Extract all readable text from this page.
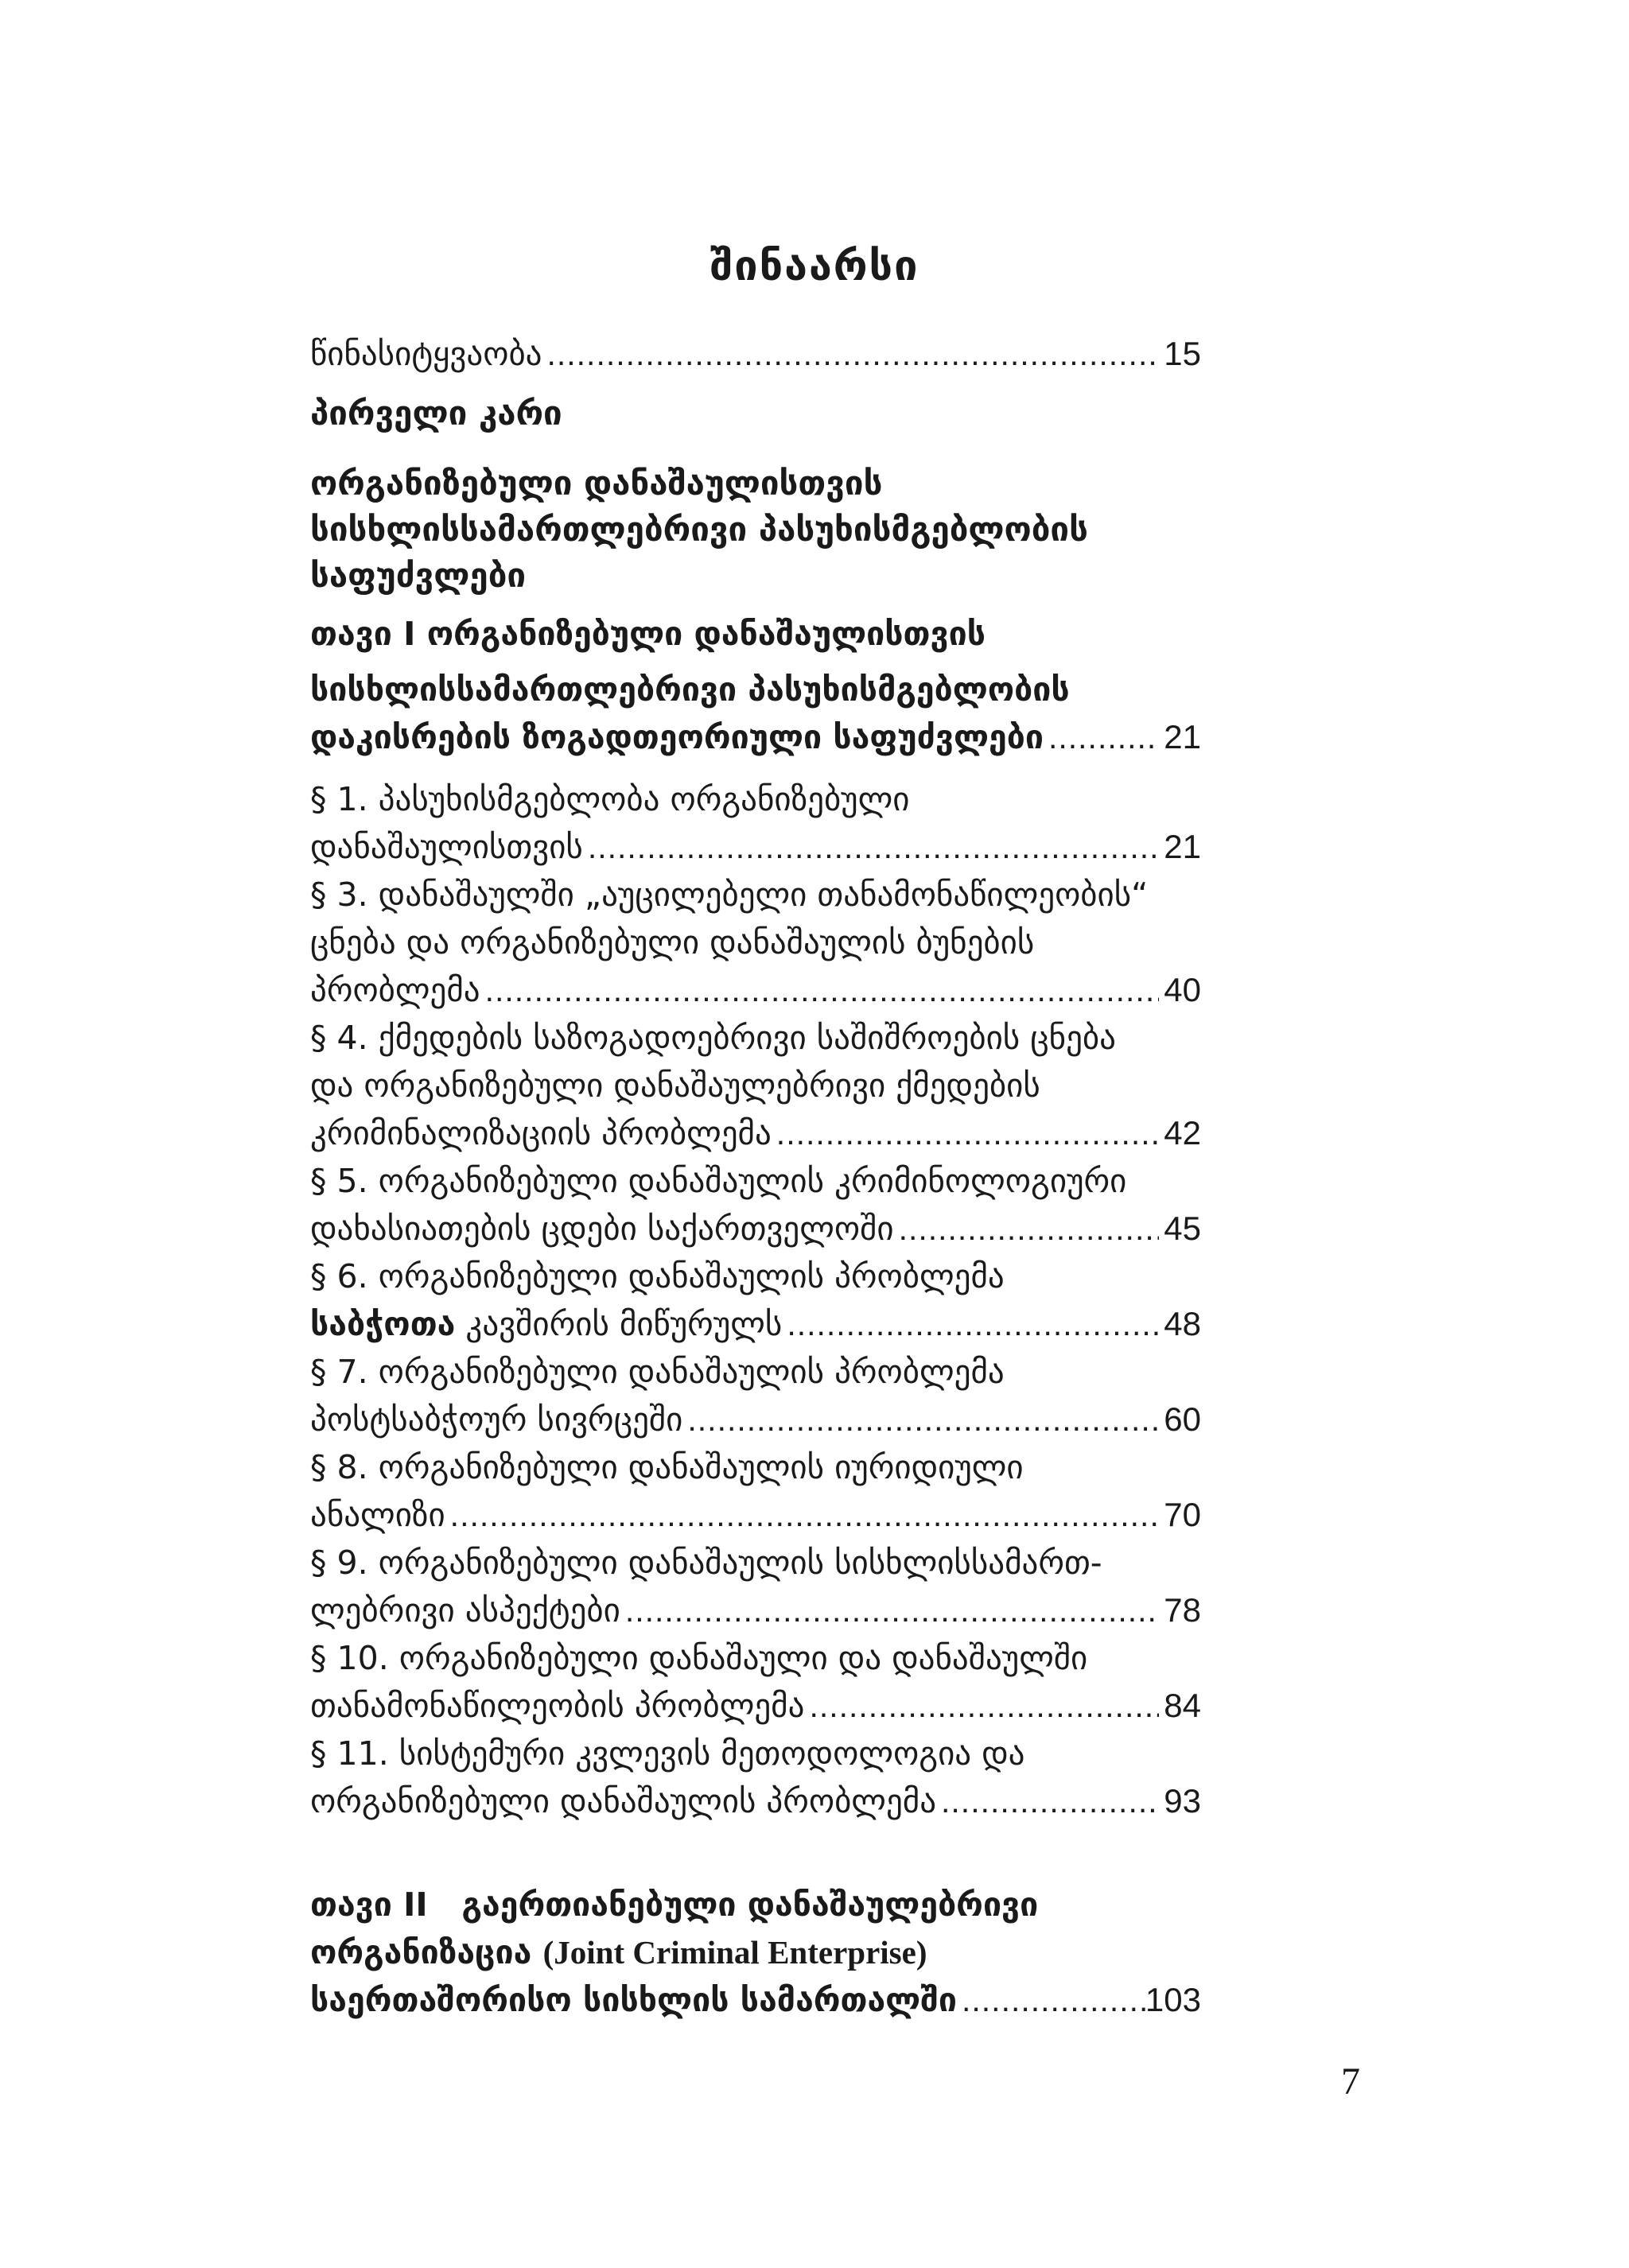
შინაარსი
წინასიტყვაობა .....	15

პირველი კარი

ორგანიზებული დანაშაულისთვის

სისხლისსამართლებრივი პასუხისმგებლობის

საფუძვლები

თავი I ორგანიზებული დანაშაულისთვის
სისხლისსამართლებრივი პასუხისმგებლობის
დაკისრების ზოგადთეორიული საფუძვლები .....	21
§ 1. პასუხისმგებლობა ორგანიზებული
დანაშაულისთვის .....	21
§ 3. დანაშაულში „აუცილებელი თანამონაწილეობის“
ცნება და ორგანიზებული დანაშაულის ბუნების
პრობლემა .....	40
§ 4. ქმედების საზოგადოებრივი საშიშროების ცნება
და ორგანიზებული დანაშაულებრივი ქმედების
კრიმინალიზაციის პრობლემა .....	42
§ 5. ორგანიზებული დანაშაულის კრიმინოლოგიური
დახასიათების ცდები საქართველოში .....	45
§ 6. ორგანიზებული დანაშაულის პრობლემა
საბჭოთა კავშირის მიწურულს .....	48
§ 7. ორგანიზებული დანაშაულის პრობლემა
პოსტსაბჭოურ სივრცეში .....	60
§ 8. ორგანიზებული დანაშაულის იურიდიული
ანალიზი .....	70
§ 9. ორგანიზებული დანაშაულის სისხლისსამართ-
ლებრივი ასპექტები .....	78
§ 10. ორგანიზებული დანაშაული და დანაშაულში
თანამონაწილეობის პრობლემა .....	84
§ 11. სისტემური კვლევის მეთოდოლოგია და
ორგანიზებული დანაშაულის პრობლემა .....	93
თავი II გაერთიანებული დანაშაულებრივი
ორგანიზაცია (Joint Criminal Enterprise)
საერთაშორისო სისხლის სამართალში .....	103
7
